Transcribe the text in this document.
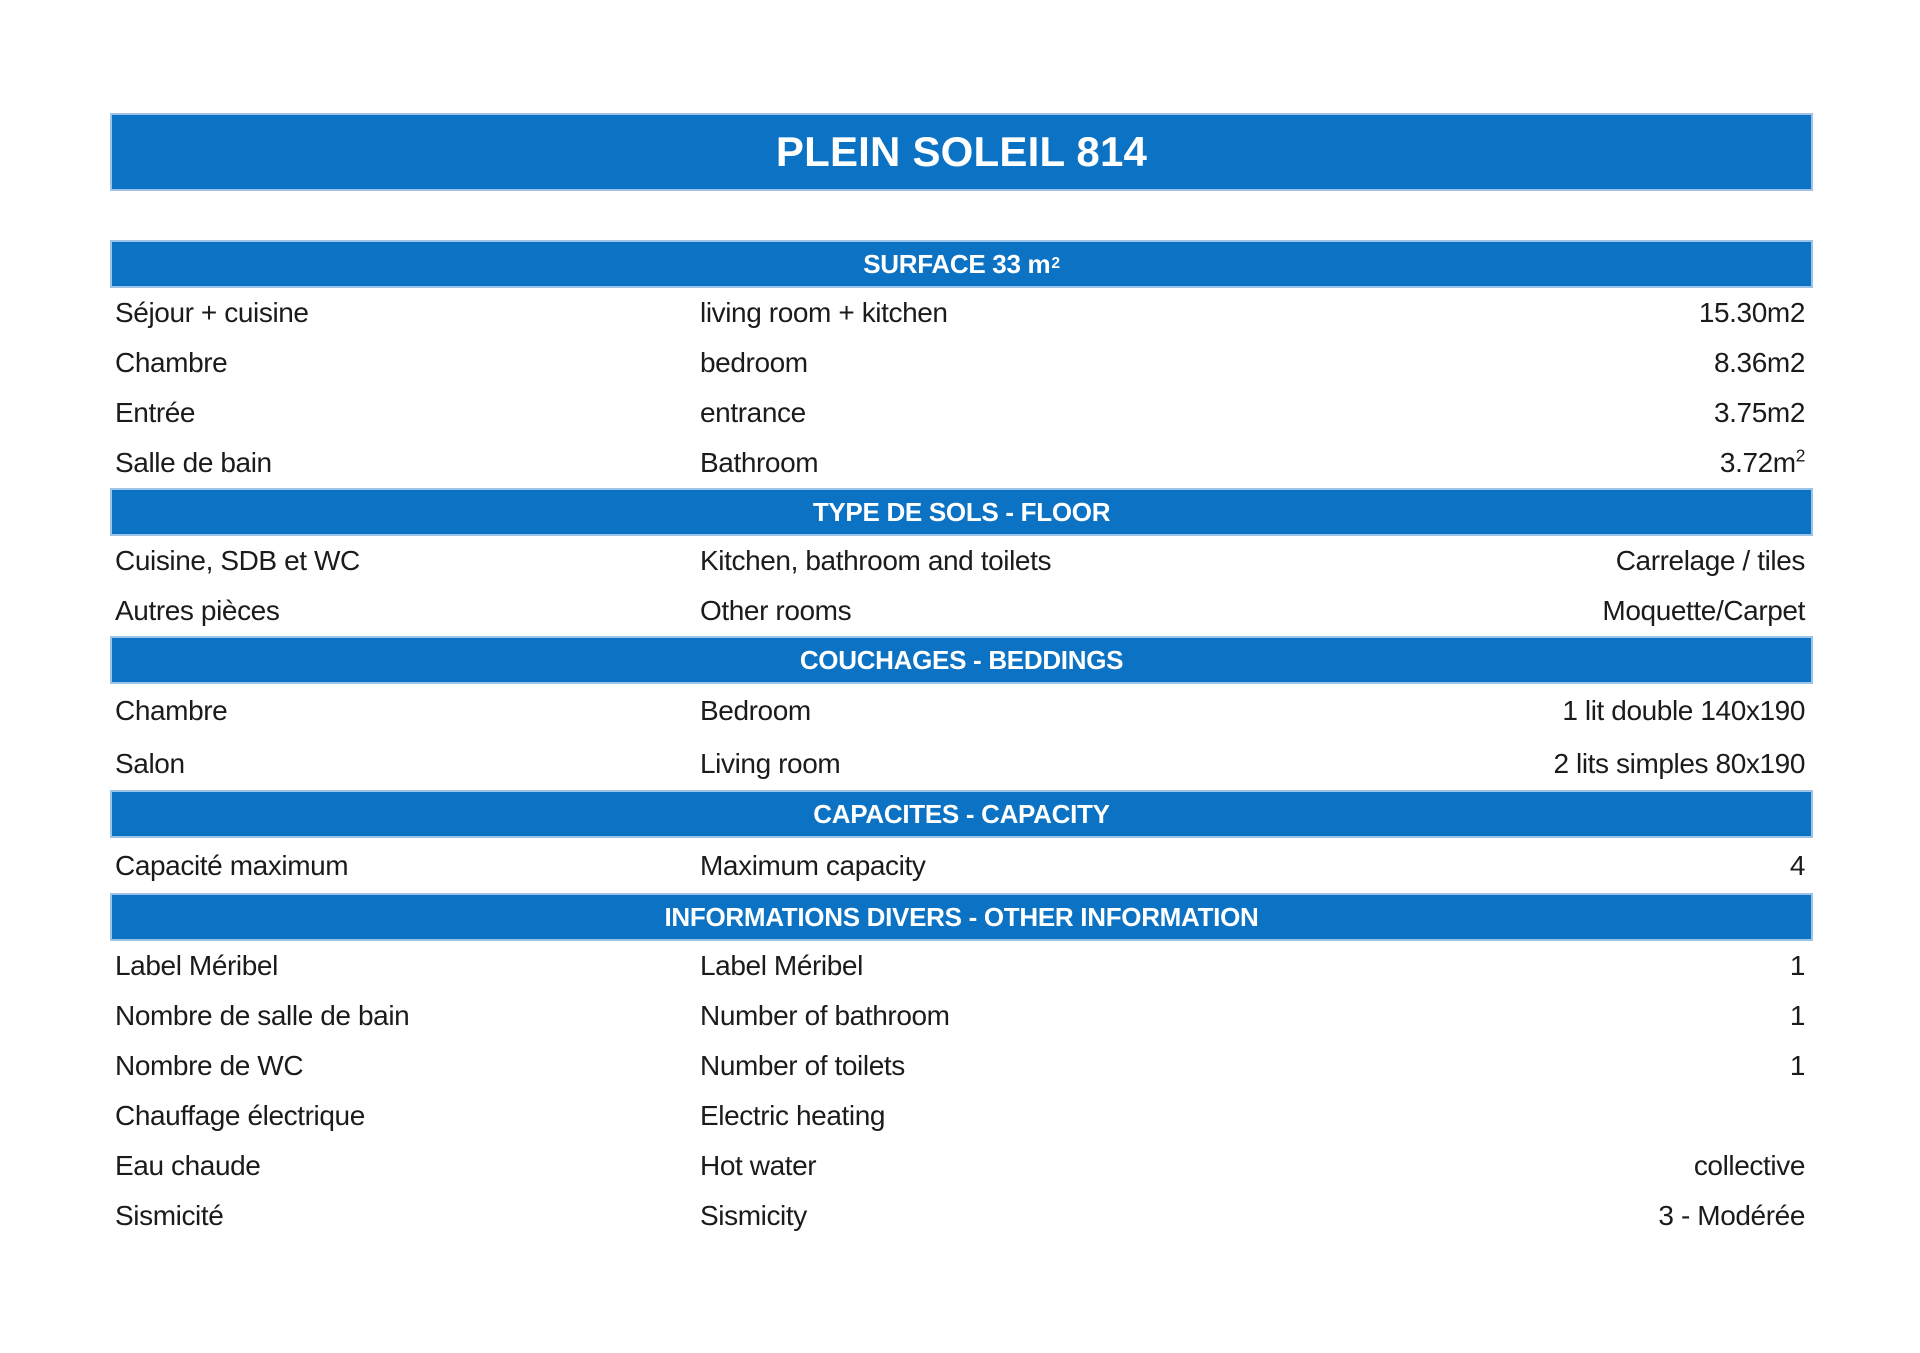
PLEIN SOLEIL 814
SURFACE 33 m 2
Séjour + cuisine	living room + kitchen	15.30m2
Chambre	bedroom	8.36m2
Entrée	entrance	3.75m2
Salle de bain	Bathroom	$3.72m^2$
TYPE DE SOLS - FLOOR
Cuisine, SDB et WC	Kitchen, bathroom and toilets	Carrelage / tiles
Autres pièces	Other rooms	Moquette/Carpet
COUCHAGES - BEDDINGS
Chambre	Bedroom	1 lit double 140x190
Salon	Living room	2 lits simples 80x190
CAPACITES - CAPACITY
Capacité maximum	Maximum capacity	4
INFORMATIONS DIVERS - OTHER INFORMATION
Label Méribel	Label Méribel	1
Nombre de salle de bain	Number of bathroom	1
Nombre de WC	Number of toilets	1
Chauffage électrique	Electric heating
Eau chaude	Hot water	collective
Sismicité	Sismicity	3 - Modérée
